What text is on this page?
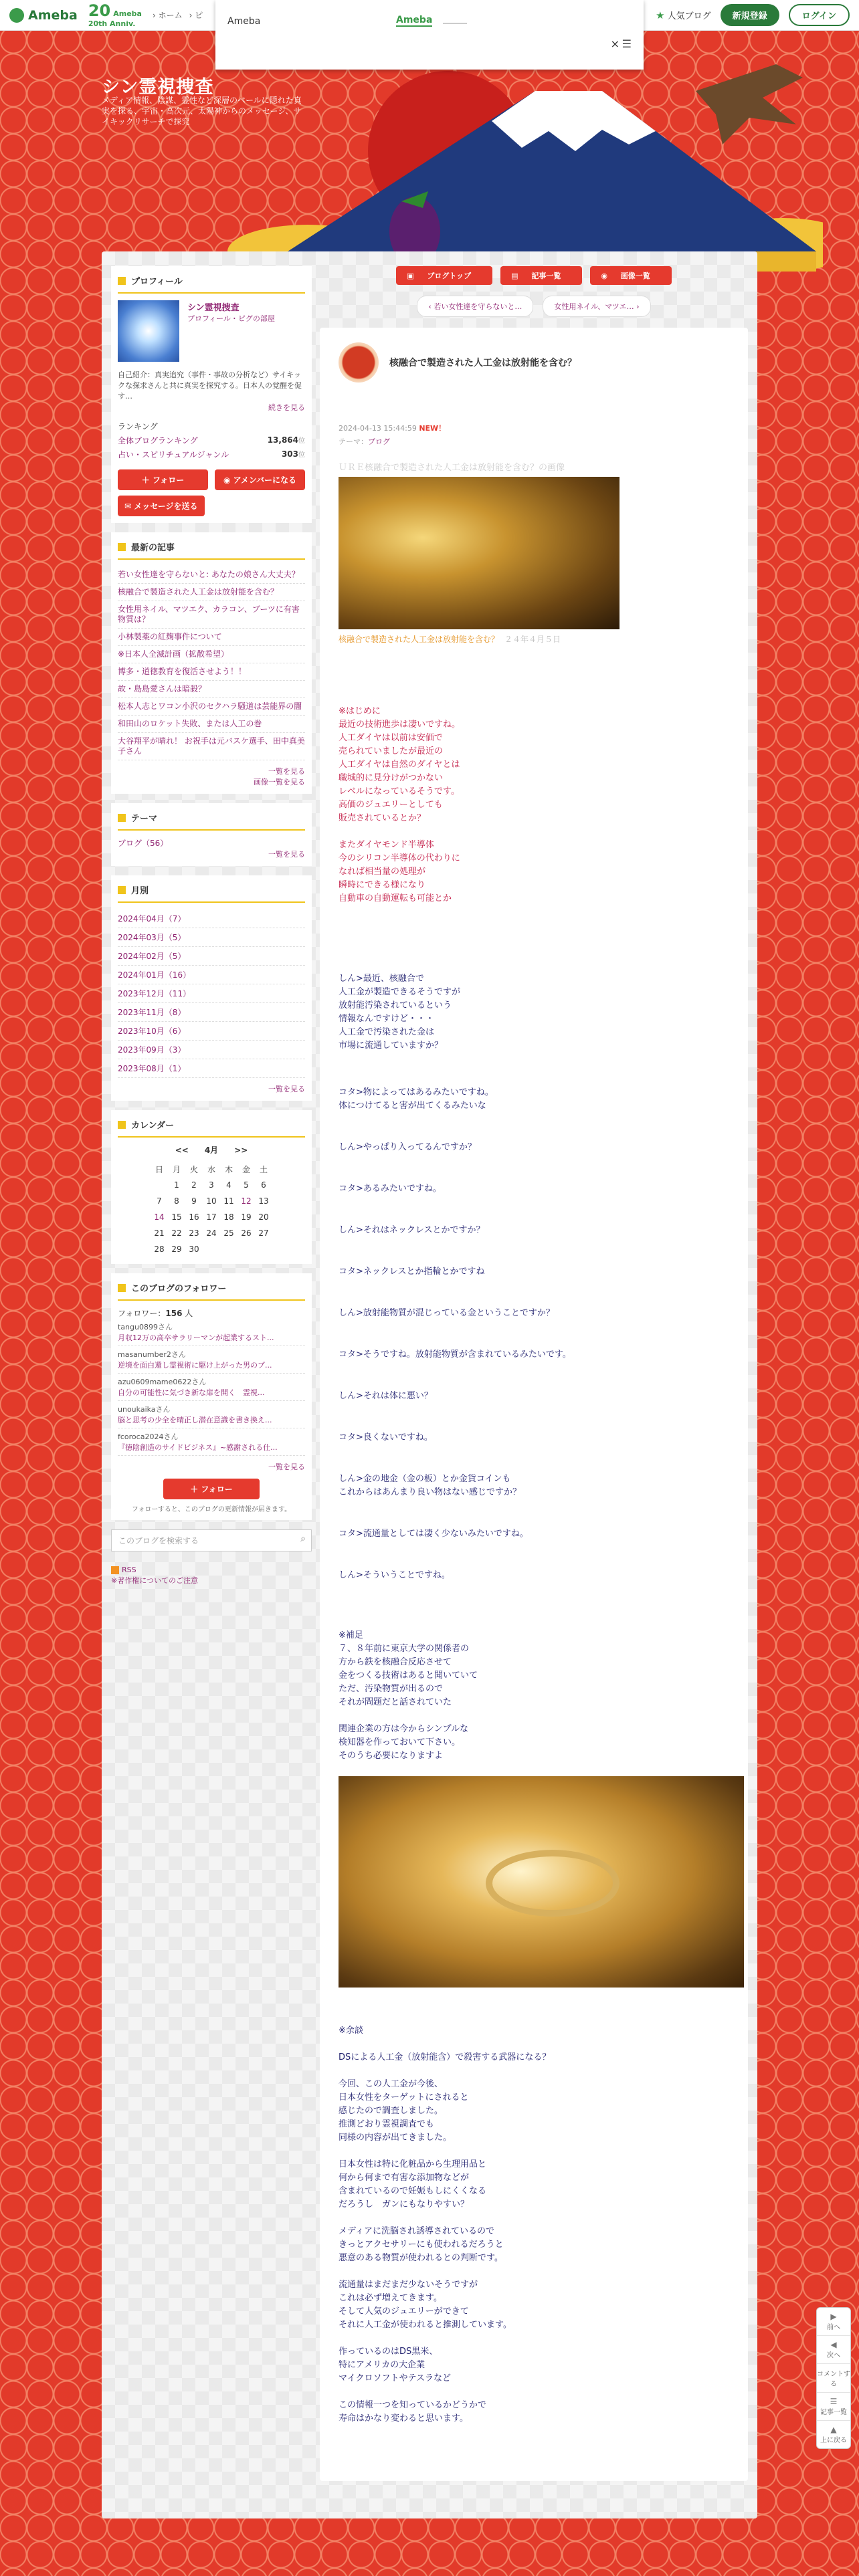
Ameba 20 Ameba
20th Anniv.
› ホーム › ピ	★ 人気ブログ	新規登録	ログイン
Ameba	Ameba
× ☰
シン霊視捜査
メディア情報、陰謀、霊性など深層のベールに隠れた真実を探る、宇宙・高次元、太陽神からのメッセージ、サイキックリサーチで探究
プロフィール
シン霊視捜査
プロフィール・ピグの部屋
自己紹介：真実追究（事件・事故の分析など）サイキックな探求さんと共に真実を探究する。日本人の覚醒を促す…
続きを見る
ランキング
全体ブログランキング	13,864位
占い・スピリチュアルジャンル	303位
＋ フォロー	◉ アメンバーになる
✉ メッセージを送る
最新の記事
若い女性達を守らないと: あなたの娘さん大丈夫？
核融合で製造された人工金は放射能を含む？
女性用ネイル、マツエク、カラコン、ブーツに有害物質は？
小林製薬の紅麹事件について
※日本人全滅計画（拡散希望）
博多・道徳教育を復活させよう！！
故・島島愛さんは暗殺？
松本人志とワコン小沢のセクハラ騒道は芸能界の闇
和田山のロケット失敗、または人工の巻
大谷翔平が晴れ！ お祝手は元バスケ選手、田中真美子さん
一覧を見る
画像一覧を見る
テーマ
ブログ（56）
一覧を見る
月別
2024年04月（7）
2024年03月（5）
2024年02月（5）
2024年01月（16）
2023年12月（11）
2023年11月（8）
2023年10月（6）
2023年09月（3）
2023年08月（1）
一覧を見る
カレンダー
<<　　 4月　　 >>
日	月	火	水	木	金	土
	1	2	3	4	5	6
7	8	9	10	11	12	13
14	15	16	17	18	19	20
21	22	23	24	25	26	27
28	29	30				
このブログのフォロワー
フォロワー：156 人
tangu0899さん
月収12万の高卒サラリーマンが起業するスト...
masanumber2さん
逆境を面白還し霊視術に駆け上がった男のブ...
azu0609mame0622さん
自分の可能性に気づき新な扉を開く　霊視...
unoukaikaさん
脳と思考の少全を晴正し潜在意識を書き換え...
fcoroca2024さん
『徳陰創造のサイドビジネス』~感謝される仕...
一覧を見る
＋ フォロー
フォローすると、このブログの更新情報が届きます。
このブログを検索する	⌕
RSS
※著作権についてのご注意
▣ ブログトップ	▤ 記事一覧	◉ 画像一覧
‹ 若い女性達を守らないと…	女性用ネイル、マツエ… ›
核融合で製造された人工金は放射能を含む？
2024-04-13 15:44:59 NEW！
テーマ：ブログ
ＵＲＥ核融合で製造された人工金は放射能を含む？の画像
核融合で製造された人工金は放射能を含む？ ２４年４月５日
※はじめに
最近の技術進歩は凄いですね。
人工ダイヤは以前は安価で
売られていましたが最近の
人工ダイヤは自然のダイヤとは
職城的に見分けがつかない
レベルになっているそうです。
高価のジュエリーとしても
販売されているとか？
またダイヤモンド半導体
今のシリコン半導体の代わりに
なれば相当量の処理が
瞬時にできる様になり
自動車の自動運転も可能とか
しん>最近、核融合で
人工金が製造できるそうですが
放射能汚染されているという
情報なんですけど・・・
人工金で汚染された金は
市場に流通していますか？
コタ>物によってはあるみたいですね。
体につけてると害が出てくるみたいな
しん>やっぱり入ってるんですか？
コタ>あるみたいですね。
しん>それはネックレスとかですか？
コタ>ネックレスとか指輪とかですね
しん>放射能物質が混じっている金ということですか？
コタ>そうですね。放射能物質が含まれているみたいです。
しん>それは体に悪い？
コタ>良くないですね。
しん>金の地金（金の板）とか金貨コインも
これからはあんまり良い物はない感じですか？
コタ>流通量としては凄く少ないみたいですね。
しん>そういうことですね。
※補足
７、８年前に東京大学の関係者の
方から鉄を核融合反応させて
金をつくる技術はあると聞いていて
ただ、汚染物質が出るので
それが問題だと話されていた
関連企業の方は今からシンプルな
検知器を作っておいて下さい。
そのうち必要になりますよ
※余談
DSによる人工金（放射能含）で殺害する武器になる？
今回、この人工金が今後、
日本女性をターゲットにされると
感じたので調査しました。
推測どおり霊視調査でも
同様の内容が出てきました。
日本女性は特に化粧品から生理用品と
何から何まで有害な添加物などが
含まれているので妊娠もしにくくなる
だろうし　ガンにもなりやすい？
メディアに洗脳され誘導されているので
きっとアクセサリーにも使われるだろうと
悪意のある物質が使われるとの判断です。
流通量はまだまだ少ないそうですが
これは必ず増えてきます。
そして人気のジュエリーができて
それに人工金が使われると推測しています。
作っているのはDS黒米、
特にアメリカの大企業
マイクロソフトやテスラなど
この情報一つを知っているかどうかで
寿命はかなり変わると思います。
▶
前へ
◀
次へ
コメントする
☰
記事一覧
▲
上に戻る
